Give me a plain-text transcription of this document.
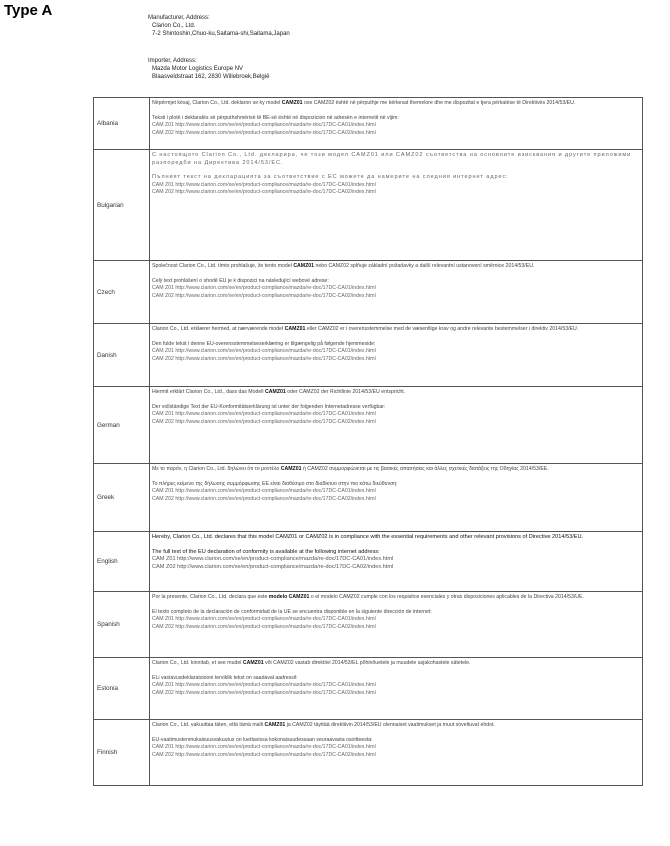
Type A	Manufacturer, Address:
Clarion Co., Ltd.
7-2 Shintoshin,Chuo-ku,Saitama-shi,Saitama,Japan
Importer, Address:
Mazda Motor Logistics Europe NV
Blaasveldstraat 162, 2830 Willebroek,België
Albania	Nëpërmjet kësaj, Clarion Co., Ltd. deklaron se ky model CAMZ01 ose CAMZ02 është në përputhje me kërkesat themelore dhe me dispozitat e tjera përkatëse të Direktivës 2014/53/EU.

Teksti i plotë i deklaratës së përputhshmërisë të BE-së është në dispozicion në adresën e internetit në vijim:

CAM Z01 http://www.clarion.com/xe/en/product-compliance/mazda/re-doc/17DC-CA01/index.html

CAM Z02 http://www.clarion.com/xe/en/product-compliance/mazda/re-doc/17DC-CA02/index.html

Bulgarian	С настоящото Clarion Co., Ltd. декларира, че този модел CAMZ01 или CAMZ02 съответства на основните изисквания и другите приложими разпоредби на Директива 2014/53/ЕС.

Пълният текст на декларацията за съответствие с ЕС можете да намерите на следния интернет адрес:

CAM Z01 http://www.clarion.com/xe/en/product-compliance/mazda/re-doc/17DC-CA01/index.html

CAM Z02 http://www.clarion.com/xe/en/product-compliance/mazda/re-doc/17DC-CA02/index.html

Czech	Společnost Clarion Co., Ltd. tímto prohlašuje, že tento model CAMZ01 nebo CAMZ02 splňuje základní požadavky a další relevantní ustanovení směrnice 2014/53/EU.

Celý text prohlášení o shodě EU je k dispozici na následující webové adrese:

CAM Z01 http://www.clarion.com/xe/en/product-compliance/mazda/re-doc/17DC-CA01/index.html

CAM Z02 http://www.clarion.com/xe/en/product-compliance/mazda/re-doc/17DC-CA02/index.html

Danish	Clarion Co., Ltd. erklærer hermed, at nærværende model CAMZ01 eller CAMZ02 er i overensstemmelse med de væsentlige krav og andre relevante bestemmelser i direktiv 2014/53/EU.

Den fulde tekst i denne EU-overensstemmelseserklæring er tilgængelig på følgende hjemmeside:

CAM Z01 http://www.clarion.com/xe/en/product-compliance/mazda/re-doc/17DC-CA01/index.html

CAM Z02 http://www.clarion.com/xe/en/product-compliance/mazda/re-doc/17DC-CA02/index.html

German	Hiermit erklärt Clarion Co., Ltd., dass das Modell CAMZ01 oder CAMZ02 der Richtlinie 2014/53/EU entspricht.

Der vollständige Text der EU-Konformitätserklärung ist unter der folgenden Internetadresse verfügbar:

CAM Z01 http://www.clarion.com/xe/en/product-compliance/mazda/re-doc/17DC-CA01/index.html

CAM Z02 http://www.clarion.com/xe/en/product-compliance/mazda/re-doc/17DC-CA02/index.html

Greek	Με το παρόν, η Clarion Co., Ltd. δηλώνει ότι το μοντέλο CAMZ01 ή CAMZ02 συμμορφώνεται με τις βασικές απαιτήσεις και άλλες σχετικές διατάξεις της Οδηγίας 2014/53/ΕΕ.

Το πλήρες κείμενο της δήλωσης συμμόρφωσης ΕΕ είναι διαθέσιμο στο διαδίκτυο στην πιο κάτω διεύθυνση:

CAM Z01 http://www.clarion.com/xe/en/product-compliance/mazda/re-doc/17DC-CA01/index.html

CAM Z02 http://www.clarion.com/xe/en/product-compliance/mazda/re-doc/17DC-CA02/index.html

English	Hereby, Clarion Co., Ltd. declares that this model CAMZ01 or CAMZ02 is in compliance with the essential requirements and other relevant provisions of Directive 2014/53/EU.

The full text of the EU declaration of conformity is available at the following internet address:

CAM Z01 http://www.clarion.com/xe/en/product-compliance/mazda/re-doc/17DC-CA01/index.html

CAM Z02 http://www.clarion.com/xe/en/product-compliance/mazda/re-doc/17DC-CA02/index.html

Spanish	Por la presente, Clarion Co., Ltd. declara que este modelo CAMZ01 o el modelo CAMZ02 cumple con los requisitos esenciales y otras disposiciones aplicables de la Directiva 2014/53/UE.

El texto completo de la declaración de conformidad de la UE se encuentra disponible en la siguiente dirección de internet:

CAM Z01 http://www.clarion.com/xe/en/product-compliance/mazda/re-doc/17DC-CA01/index.html

CAM Z02 http://www.clarion.com/xe/en/product-compliance/mazda/re-doc/17DC-CA02/index.html

Estonia	Clarion Co., Ltd. kinnitab, et see mudel CAMZ01 või CAMZ02 vastab direktiivi 2014/53/EL põhinõuetele ja muudele asjakohastele sätetele.

ELi vastavusdeklaratsiooni terviklik tekst on saadaval aadressil:

CAM Z01 http://www.clarion.com/xe/en/product-compliance/mazda/re-doc/17DC-CA01/index.html

CAM Z02 http://www.clarion.com/xe/en/product-compliance/mazda/re-doc/17DC-CA02/index.html

Finnish	Clarion Co., Ltd. vakuuttaa täten, että tämä malli CAMZ01 ja CAMZ02 täyttää direktiivin 2014/53/EU olennaiset vaatimukset ja muut soveltuvat ehdot.

EU-vaatimustenmukaisuusvakuutus on luettavissa kokonaisuudessaan seuraavasta osoitteesta:

CAM Z01 http://www.clarion.com/xe/en/product-compliance/mazda/re-doc/17DC-CA01/index.html

CAM Z02 http://www.clarion.com/xe/en/product-compliance/mazda/re-doc/17DC-CA02/index.html
